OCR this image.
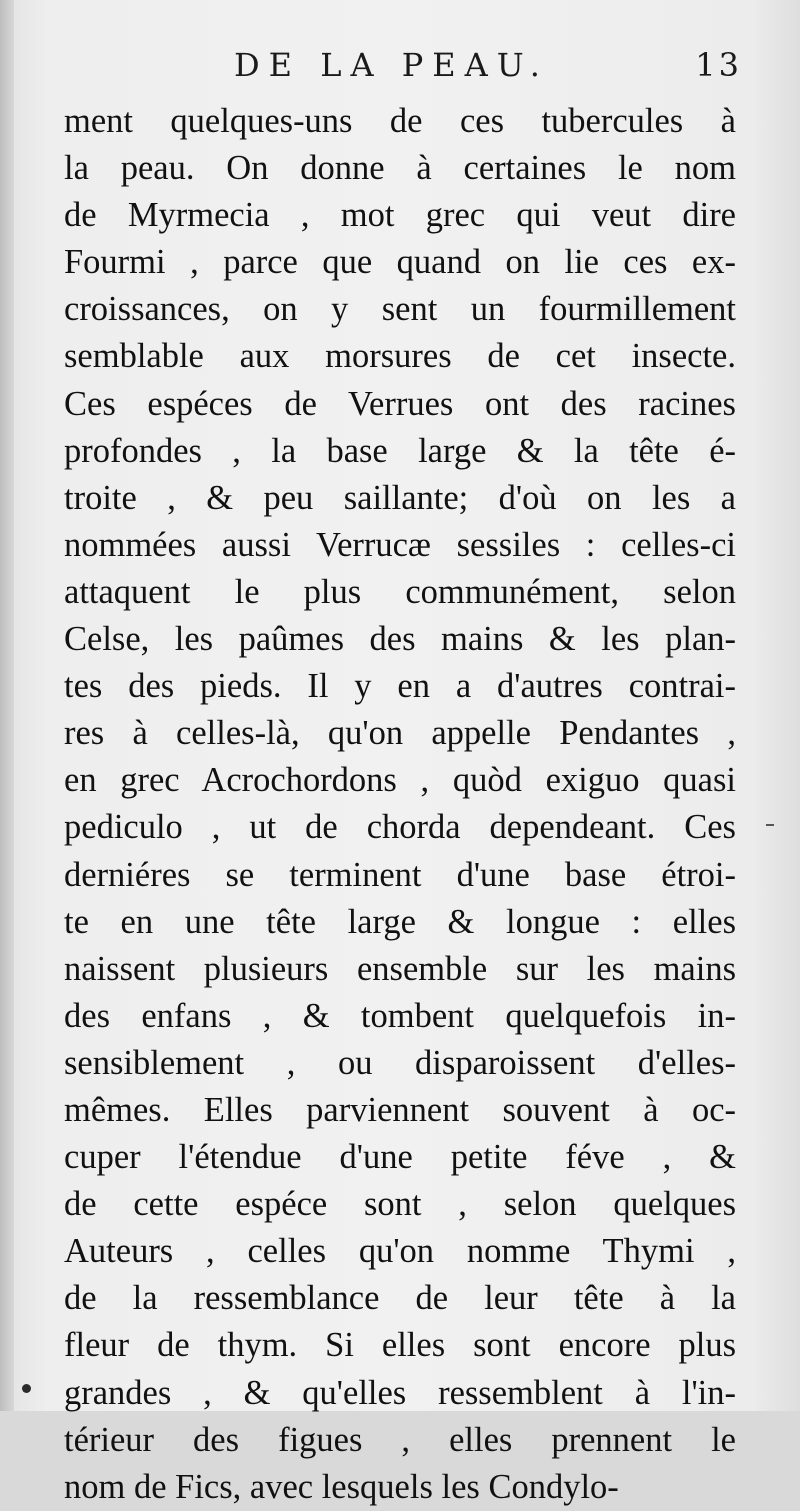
DE LA PEAU.	13
ment quelques-uns de ces tubercules à
la peau. On donne à certaines le nom
de Myrmecia , mot grec qui veut dire
Fourmi , parce que quand on lie ces ex-
croissances, on y sent un fourmillement
semblable aux morsures de cet insecte.
Ces espéces de Verrues ont des racines
profondes , la base large & la tête é-
troite , & peu saillante; d'où on les a
nommées aussi Verrucæ sessiles : celles-ci
attaquent le plus communément, selon
Celse, les paûmes des mains & les plan-
tes des pieds. Il y en a d'autres contrai-
res à celles-là, qu'on appelle Pendantes ,
en grec Acrochordons , quòd exiguo quasi
pediculo , ut de chorda dependeant. Ces
derniéres se terminent d'une base étroi-
te en une tête large & longue : elles
naissent plusieurs ensemble sur les mains
des enfans , & tombent quelquefois in-
sensiblement , ou disparoissent d'elles-
mêmes. Elles parviennent souvent à oc-
cuper l'étendue d'une petite féve , &
de cette espéce sont , selon quelques
Auteurs , celles qu'on nomme Thymi ,
de la ressemblance de leur tête à la
fleur de thym. Si elles sont encore plus
grandes , & qu'elles ressemblent à l'in-
térieur des figues , elles prennent le
nom de Fics, avec lesquels les Condylo-
